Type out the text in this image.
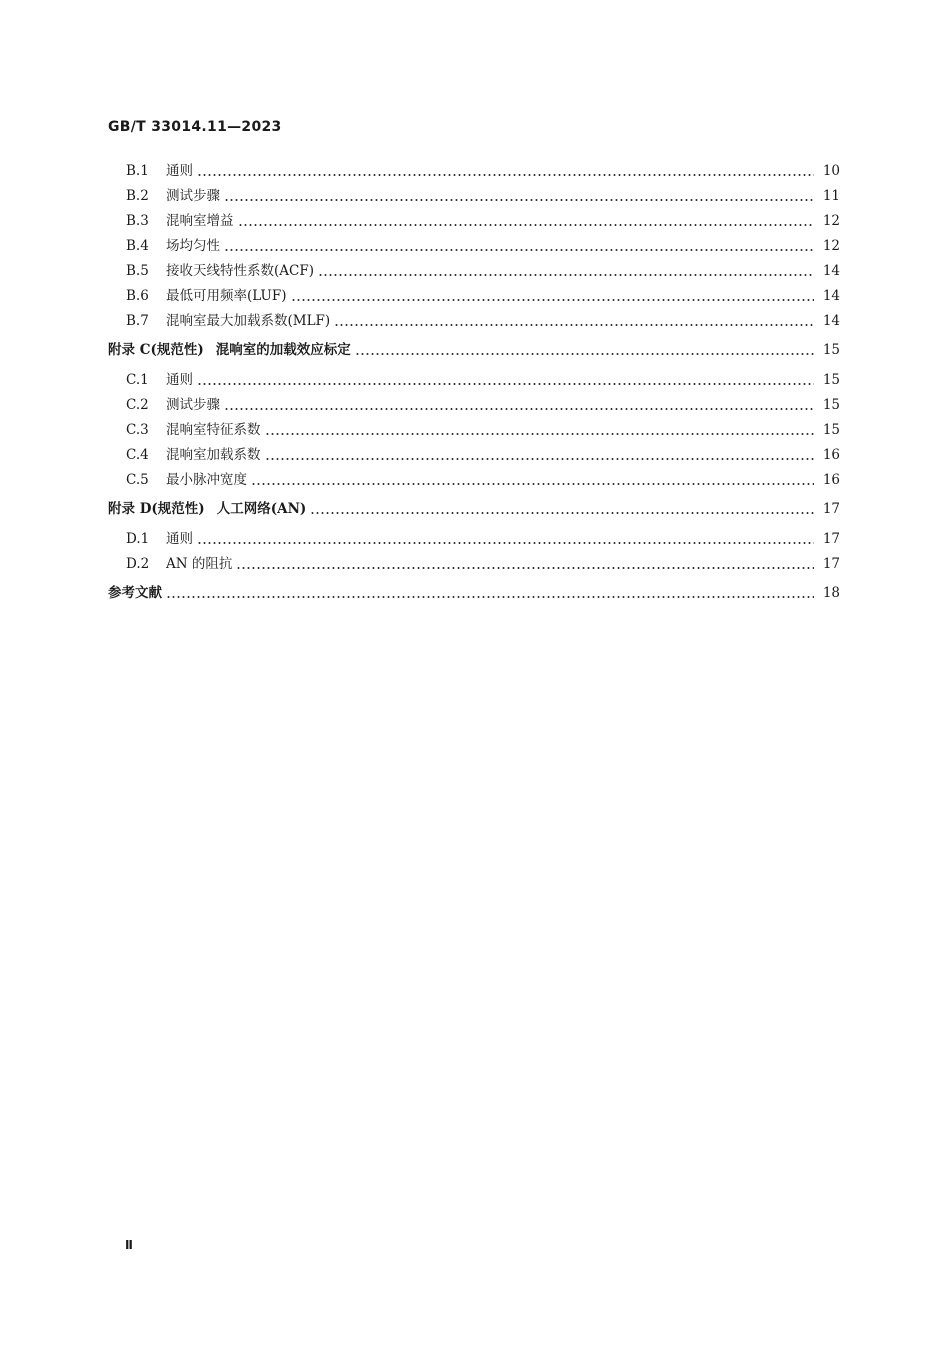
GB/T 33014.11—2023
B.1	通则	10
B.2	测试步骤	11
B.3	混响室增益	12
B.4	场均匀性	12
B.5	接收天线特性系数(ACF)	14
B.6	最低可用频率(LUF)	14
B.7	混响室最大加载系数(MLF)	14
附录 C(规范性) 混响室的加载效应标定	15
C.1	通则	15
C.2	测试步骤	15
C.3	混响室特征系数	15
C.4	混响室加载系数	16
C.5	最小脉冲宽度	16
附录 D(规范性) 人工网络(AN)	17
D.1	通则	17
D.2	AN 的阻抗	17
参考文献	18
Ⅱ
